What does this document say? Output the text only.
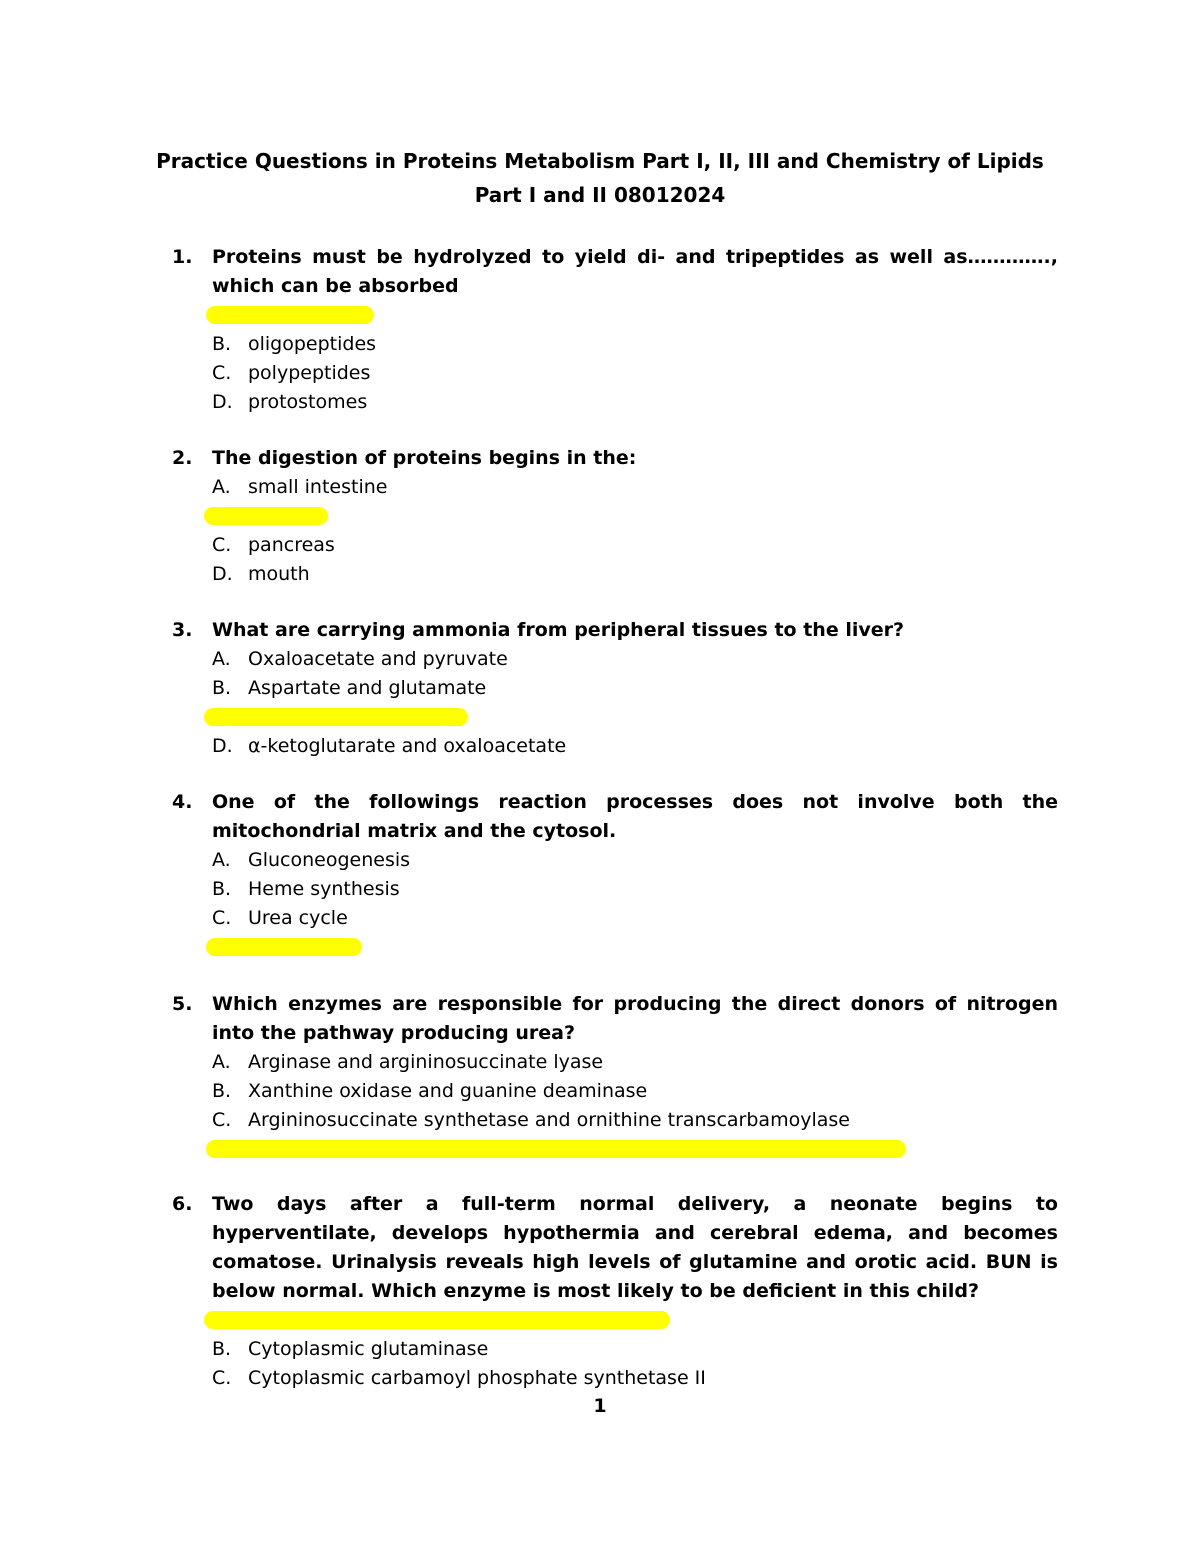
Practice Questions in Proteins Metabolism Part I, II, III and Chemistry of Lipids
Part I and II 08012024
1.	Proteins must be hydrolyzed to yield di- and tripeptides as well as…………., which can be absorbed
B. oligopeptides
C. polypeptides
D. protostomes
2.	The digestion of proteins begins in the:
A. small intestine
C. pancreas
D. mouth
3.	What are carrying ammonia from peripheral tissues to the liver?
A. Oxaloacetate and pyruvate
B. Aspartate and glutamate
D. α-ketoglutarate and oxaloacetate
4.	One of the followings reaction processes does not involve both the mitochondrial matrix and the cytosol.
A. Gluconeogenesis
B. Heme synthesis
C. Urea cycle
5.	Which enzymes are responsible for producing the direct donors of nitrogen into the pathway producing urea?
A. Arginase and argininosuccinate lyase
B. Xanthine oxidase and guanine deaminase
C. Argininosuccinate synthetase and ornithine transcarbamoylase
6.	Two days after a full-term normal delivery, a neonate begins to hyperventilate, develops hypothermia and cerebral edema, and becomes comatose. Urinalysis reveals high levels of glutamine and orotic acid. BUN is below normal. Which enzyme is most likely to be deficient in this child?
B. Cytoplasmic glutaminase
C. Cytoplasmic carbamoyl phosphate synthetase II
1
